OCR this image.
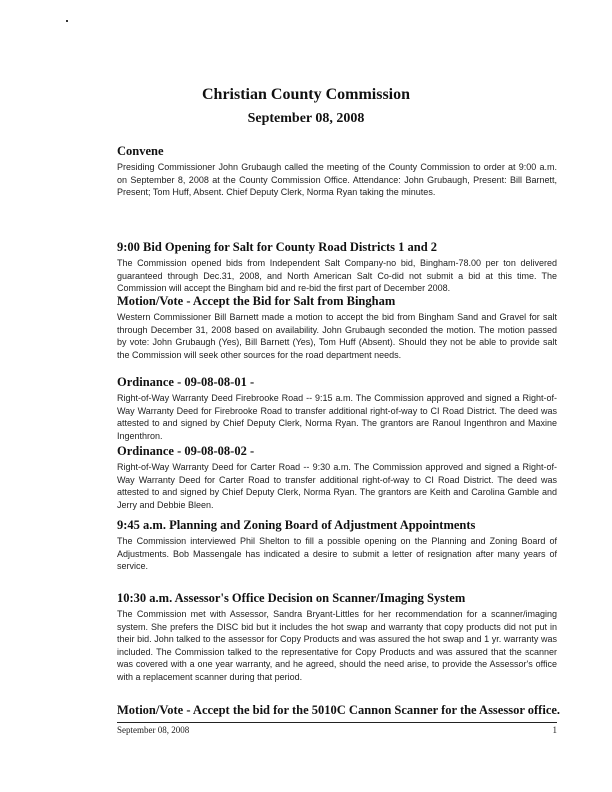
Christian County Commission
September 08, 2008
Convene

Presiding Commissioner John Grubaugh called the meeting of the County Commission to order at 9:00 a.m. on September 8, 2008 at the County Commission Office. Attendance: John Grubaugh, Present: Bill Barnett, Present; Tom Huff, Absent. Chief Deputy Clerk, Norma Ryan taking the minutes.

9:00 Bid Opening for Salt for County Road Districts 1 and 2

The Commission opened bids from Independent Salt Company-no bid, Bingham-78.00 per ton delivered guaranteed through Dec.31, 2008, and North American Salt Co-did not submit a bid at this time. The Commission will accept the Bingham bid and re-bid the first part of December 2008.

Motion/Vote - Accept the Bid for Salt from Bingham

Western Commissioner Bill Barnett made a motion to accept the bid from Bingham Sand and Gravel for salt through December 31, 2008 based on availability. John Grubaugh seconded the motion. The motion passed by vote: John Grubaugh (Yes), Bill Barnett (Yes), Tom Huff (Absent). Should they not be able to provide salt the Commission will seek other sources for the road department needs.

Ordinance - 09-08-08-01 -

Right-of-Way Warranty Deed Firebrooke Road -- 9:15 a.m. The Commission approved and signed a Right-of-Way Warranty Deed for Firebrooke Road to transfer additional right-of-way to CI Road District. The deed was attested to and signed by Chief Deputy Clerk, Norma Ryan. The grantors are Ranoul Ingenthron and Maxine Ingenthron.

Ordinance - 09-08-08-02 -

Right-of-Way Warranty Deed for Carter Road -- 9:30 a.m. The Commission approved and signed a Right-of-Way Warranty Deed for Carter Road to transfer additional right-of-way to CI Road District. The deed was attested to and signed by Chief Deputy Clerk, Norma Ryan. The grantors are Keith and Carolina Gamble and Jerry and Debbie Bleen.

9:45 a.m. Planning and Zoning Board of Adjustment Appointments

The Commission interviewed Phil Shelton to fill a possible opening on the Planning and Zoning Board of Adjustments. Bob Massengale has indicated a desire to submit a letter of resignation after many years of service.

10:30 a.m. Assessor's Office Decision on Scanner/Imaging System

The Commission met with Assessor, Sandra Bryant-Littles for her recommendation for a scanner/imaging system. She prefers the DISC bid but it includes the hot swap and warranty that copy products did not put in their bid. John talked to the assessor for Copy Products and was assured the hot swap and 1 yr. warranty was included. The Commission talked to the representative for Copy Products and was assured that the scanner was covered with a one year warranty, and he agreed, should the need arise, to provide the Assessor's office with a replacement scanner during that period.

Motion/Vote - Accept the bid for the 5010C Cannon Scanner for the Assessor office.
September 08, 2008	1
